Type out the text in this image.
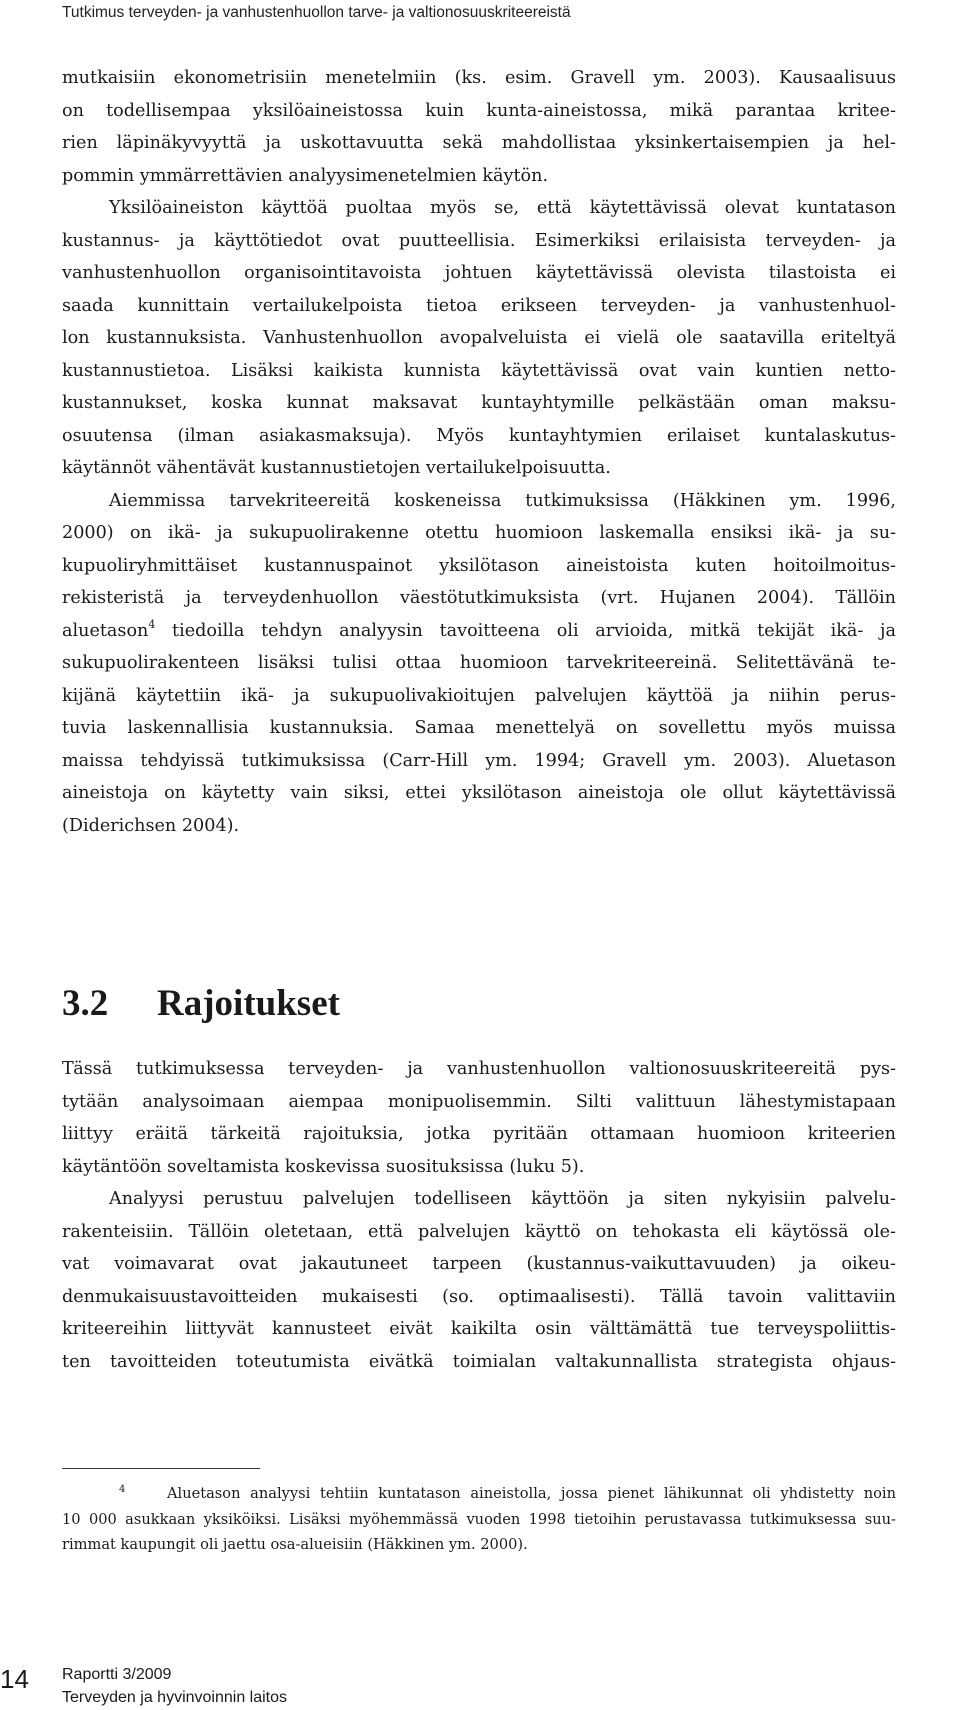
Tutkimus terveyden- ja vanhustenhuollon tarve- ja valtionosuuskriteereistä
mutkaisiin ekonometrisiin menetelmiin (ks. esim. Gravell ym. 2003). Kausaalisuus
on todellisempaa yksilöaineistossa kuin kunta-aineistossa, mikä parantaa kritee-
rien läpinäkyvyyttä ja uskottavuutta sekä mahdollistaa yksinkertaisempien ja hel-
pommin ymmärrettävien analyysimenetelmien käytön.
Yksilöaineiston käyttöä puoltaa myös se, että käytettävissä olevat kuntatason
kustannus- ja käyttötiedot ovat puutteellisia. Esimerkiksi erilaisista terveyden- ja
vanhustenhuollon organisointitavoista johtuen käytettävissä olevista tilastoista ei
saada kunnittain vertailukelpoista tietoa erikseen terveyden- ja vanhustenhuol-
lon kustannuksista. Vanhustenhuollon avopalveluista ei vielä ole saatavilla eriteltyä
kustannustietoa. Lisäksi kaikista kunnista käytettävissä ovat vain kuntien netto-
kustannukset, koska kunnat maksavat kuntayhtymille pelkästään oman maksu-
osuutensa (ilman asiakasmaksuja). Myös kuntayhtymien erilaiset kuntalaskutus-
käytännöt vähentävät kustannustietojen vertailukelpoisuutta.
Aiemmissa tarvekriteereitä koskeneissa tutkimuksissa (Häkkinen ym. 1996,
2000) on ikä- ja sukupuolirakenne otettu huomioon laskemalla ensiksi ikä- ja su-
kupuoliryhmittäiset kustannuspainot yksilötason aineistoista kuten hoitoilmoitus-
rekisteristä ja terveydenhuollon väestötutkimuksista (vrt. Hujanen 2004). Tällöin
aluetason$^4$ tiedoilla tehdyn analyysin tavoitteena oli arvioida, mitkä tekijät ikä- ja
sukupuolirakenteen lisäksi tulisi ottaa huomioon tarvekriteereinä. Selitettävänä te-
kijänä käytettiin ikä- ja sukupuolivakioitujen palvelujen käyttöä ja niihin perus-
tuvia laskennallisia kustannuksia. Samaa menettelyä on sovellettu myös muissa
maissa tehdyissä tutkimuksissa (Carr-Hill ym. 1994; Gravell ym. 2003). Aluetason
aineistoja on käytetty vain siksi, ettei yksilötason aineistoja ole ollut käytettävissä
(Diderichsen 2004).
3.2 Rajoitukset
Tässä tutkimuksessa terveyden- ja vanhustenhuollon valtionosuuskriteereitä pys-
tytään analysoimaan aiempaa monipuolisemmin. Silti valittuun lähestymistapaan
liittyy eräitä tärkeitä rajoituksia, jotka pyritään ottamaan huomioon kriteerien
käytäntöön soveltamista koskevissa suosituksissa (luku 5).
Analyysi perustuu palvelujen todelliseen käyttöön ja siten nykyisiin palvelu-
rakenteisiin. Tällöin oletetaan, että palvelujen käyttö on tehokasta eli käytössä ole-
vat voimavarat ovat jakautuneet tarpeen (kustannus-vaikuttavuuden) ja oikeu-
denmukaisuustavoitteiden mukaisesti (so. optimaalisesti). Tällä tavoin valittaviin
kriteereihin liittyvät kannusteet eivät kaikilta osin välttämättä tue terveyspoliittis-
ten tavoitteiden toteutumista eivätkä toimialan valtakunnallista strategista ohjaus-
$^4$	Aluetason analyysi tehtiin kuntatason aineistolla, jossa pienet lähikunnat oli yhdistetty noin
10 000 asukkaan yksiköiksi. Lisäksi myöhemmässä vuoden 1998 tietoihin perustavassa tutkimuksessa suu-
rimmat kaupungit oli jaettu osa-alueisiin (Häkkinen ym. 2000).
14 Raportti 3/2009
Terveyden ja hyvinvoinnin laitos
